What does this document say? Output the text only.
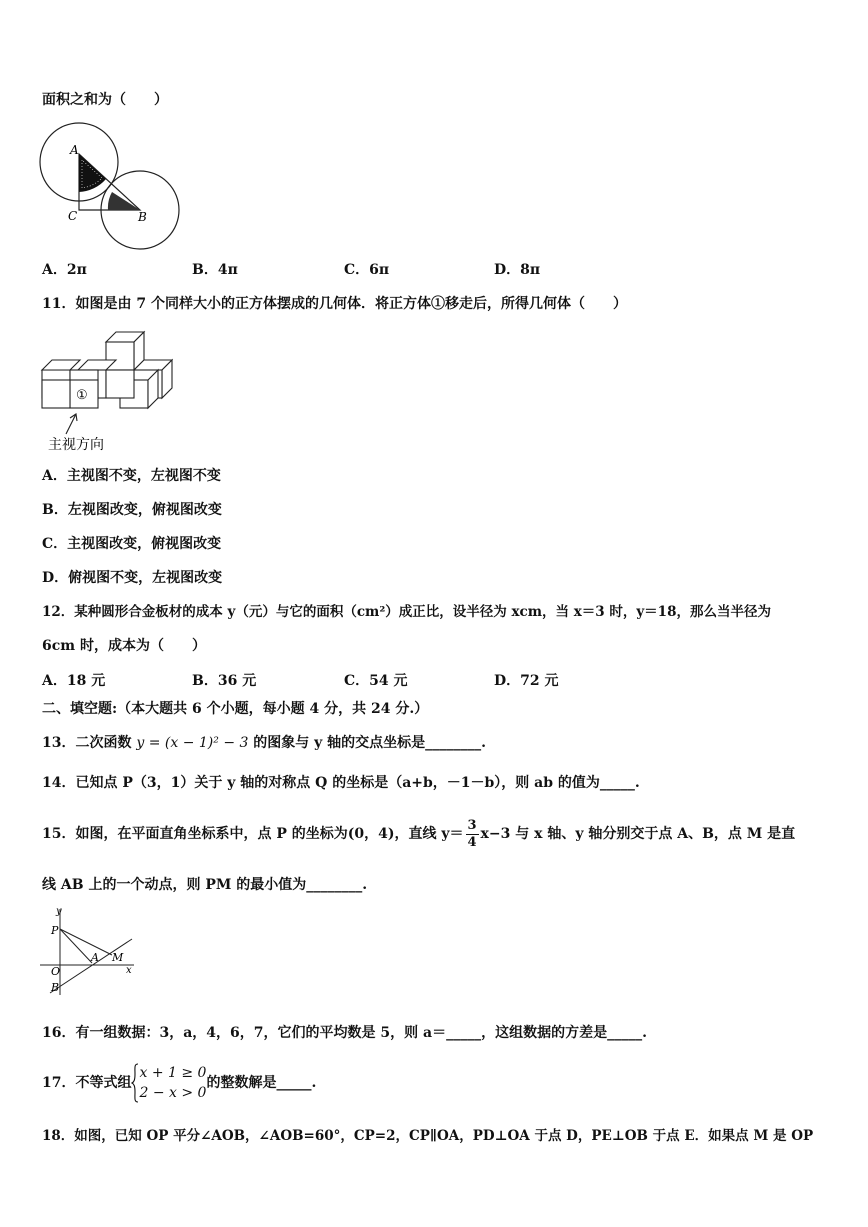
面积之和为（　　）
A
C	B
A．2π	B．4π	C．6π	D．8π
11．如图是由 7 个同样大小的正方体摆成的几何体．将正方体①移走后，所得几何体（　　）
①
主视方向
A．主视图不变，左视图不变
B．左视图改变，俯视图改变
C．主视图改变，俯视图改变
D．俯视图不变，左视图改变
12．某种圆形合金板材的成本 y（元）与它的面积（cm²）成正比，设半径为 xcm，当 x＝3 时，y＝18，那么当半径为
6cm 时，成本为（　　）
A．18 元	B．36 元	C．54 元	D．72 元
二、填空题:（本大题共 6 个小题，每小题 4 分，共 24 分.）
13．二次函数 y = (x − 1)² − 3 的图象与 y 轴的交点坐标是________.
14．已知点 P（3，1）关于 y 轴的对称点 Q 的坐标是（a+b，－1－b），则 ab 的值为_____.
15．如图，在平面直角坐标系中，点 P 的坐标为(0，4)，直线 $y= \frac{3}{4} x-3$ 与 x 轴、y 轴分别交于点 A、B，点 M 是直
线 AB 上的一个动点，则 PM 的最小值为________.
y
x
P
O
A M
B
16．有一组数据：3，a，4，6，7，它们的平均数是 5，则 a＝_____，这组数据的方差是_____.
17．不等式组
x + 1 ≥ 0
2 − x > 0
的整数解是_____.
18．如图，已知 OP 平分∠AOB，∠AOB=60°，CP=2，CP∥OA，PD⊥OA 于点 D，PE⊥OB 于点 E．如果点 M 是 OP
